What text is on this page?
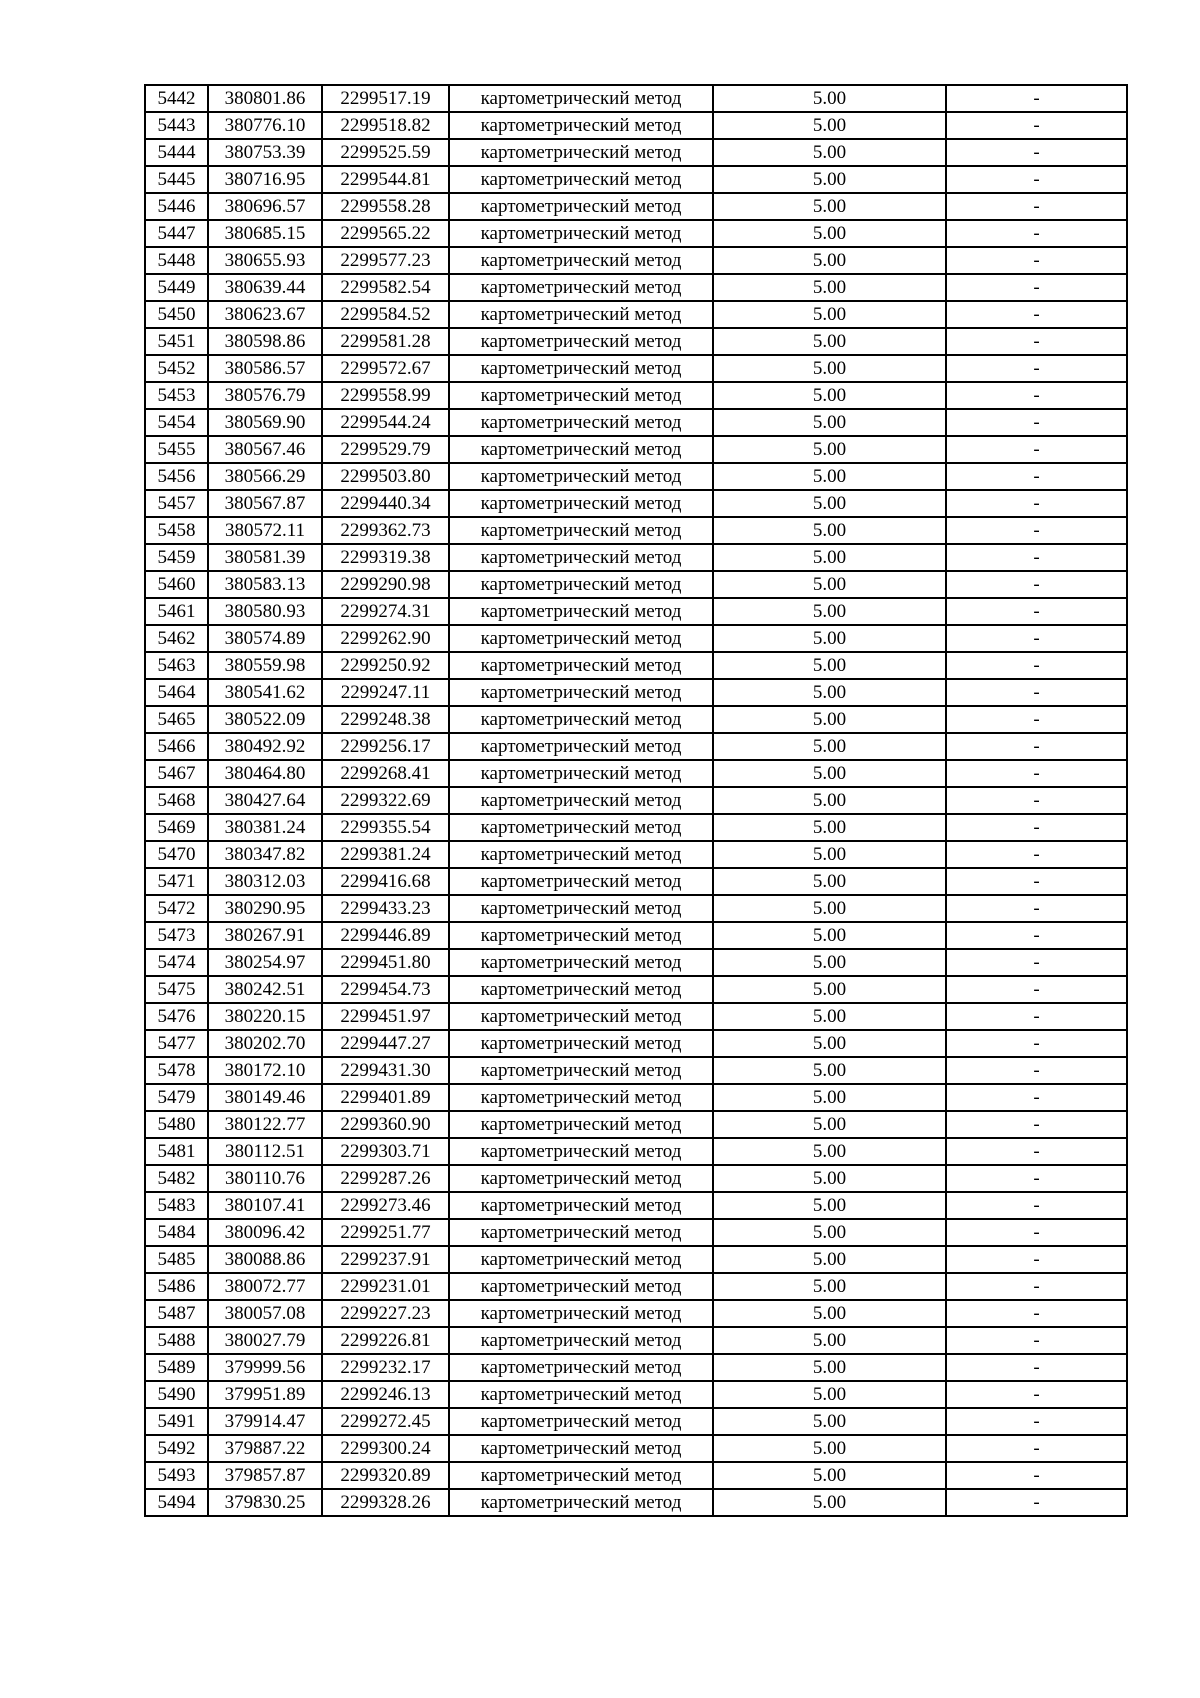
5442	380801.86	2299517.19	картометрический метод	5.00	-
5443	380776.10	2299518.82	картометрический метод	5.00	-
5444	380753.39	2299525.59	картометрический метод	5.00	-
5445	380716.95	2299544.81	картометрический метод	5.00	-
5446	380696.57	2299558.28	картометрический метод	5.00	-
5447	380685.15	2299565.22	картометрический метод	5.00	-
5448	380655.93	2299577.23	картометрический метод	5.00	-
5449	380639.44	2299582.54	картометрический метод	5.00	-
5450	380623.67	2299584.52	картометрический метод	5.00	-
5451	380598.86	2299581.28	картометрический метод	5.00	-
5452	380586.57	2299572.67	картометрический метод	5.00	-
5453	380576.79	2299558.99	картометрический метод	5.00	-
5454	380569.90	2299544.24	картометрический метод	5.00	-
5455	380567.46	2299529.79	картометрический метод	5.00	-
5456	380566.29	2299503.80	картометрический метод	5.00	-
5457	380567.87	2299440.34	картометрический метод	5.00	-
5458	380572.11	2299362.73	картометрический метод	5.00	-
5459	380581.39	2299319.38	картометрический метод	5.00	-
5460	380583.13	2299290.98	картометрический метод	5.00	-
5461	380580.93	2299274.31	картометрический метод	5.00	-
5462	380574.89	2299262.90	картометрический метод	5.00	-
5463	380559.98	2299250.92	картометрический метод	5.00	-
5464	380541.62	2299247.11	картометрический метод	5.00	-
5465	380522.09	2299248.38	картометрический метод	5.00	-
5466	380492.92	2299256.17	картометрический метод	5.00	-
5467	380464.80	2299268.41	картометрический метод	5.00	-
5468	380427.64	2299322.69	картометрический метод	5.00	-
5469	380381.24	2299355.54	картометрический метод	5.00	-
5470	380347.82	2299381.24	картометрический метод	5.00	-
5471	380312.03	2299416.68	картометрический метод	5.00	-
5472	380290.95	2299433.23	картометрический метод	5.00	-
5473	380267.91	2299446.89	картометрический метод	5.00	-
5474	380254.97	2299451.80	картометрический метод	5.00	-
5475	380242.51	2299454.73	картометрический метод	5.00	-
5476	380220.15	2299451.97	картометрический метод	5.00	-
5477	380202.70	2299447.27	картометрический метод	5.00	-
5478	380172.10	2299431.30	картометрический метод	5.00	-
5479	380149.46	2299401.89	картометрический метод	5.00	-
5480	380122.77	2299360.90	картометрический метод	5.00	-
5481	380112.51	2299303.71	картометрический метод	5.00	-
5482	380110.76	2299287.26	картометрический метод	5.00	-
5483	380107.41	2299273.46	картометрический метод	5.00	-
5484	380096.42	2299251.77	картометрический метод	5.00	-
5485	380088.86	2299237.91	картометрический метод	5.00	-
5486	380072.77	2299231.01	картометрический метод	5.00	-
5487	380057.08	2299227.23	картометрический метод	5.00	-
5488	380027.79	2299226.81	картометрический метод	5.00	-
5489	379999.56	2299232.17	картометрический метод	5.00	-
5490	379951.89	2299246.13	картометрический метод	5.00	-
5491	379914.47	2299272.45	картометрический метод	5.00	-
5492	379887.22	2299300.24	картометрический метод	5.00	-
5493	379857.87	2299320.89	картометрический метод	5.00	-
5494	379830.25	2299328.26	картометрический метод	5.00	-
